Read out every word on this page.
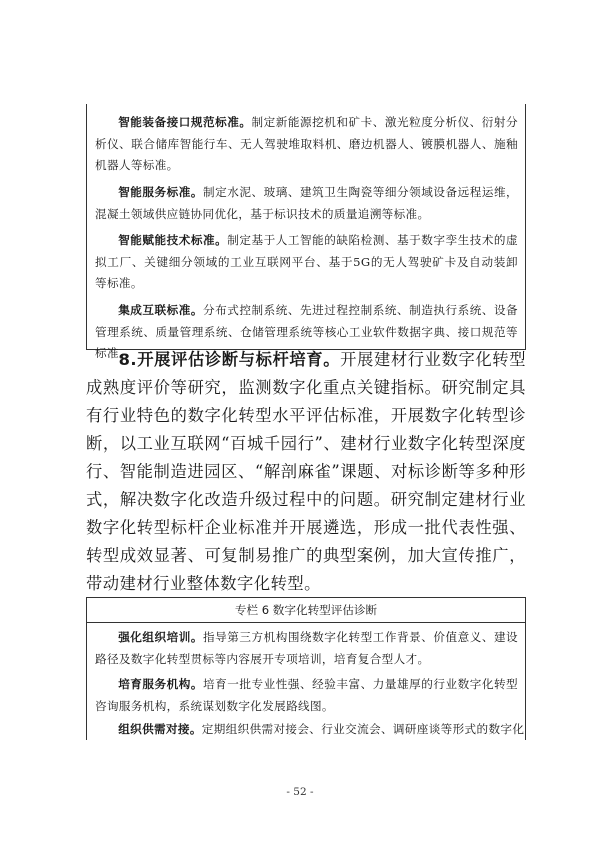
智能装备接口规范标准。制定新能源挖机和矿卡、激光粒度分析仪、衍射分析仪、联合储库智能行车、无人驾驶堆取料机、磨边机器人、镀膜机器人、施釉机器人等标准。

智能服务标准。制定水泥、玻璃、建筑卫生陶瓷等细分领域设备远程运维，混凝土领域供应链协同优化，基于标识技术的质量追溯等标准。

智能赋能技术标准。制定基于人工智能的缺陷检测、基于数字孪生技术的虚拟工厂、关键细分领域的工业互联网平台、基于5G的无人驾驶矿卡及自动装卸等标准。

集成互联标准。分布式控制系统、先进过程控制系统、制造执行系统、设备管理系统、质量管理系统、仓储管理系统等核心工业软件数据字典、接口规范等标准。

8.开展评估诊断与标杆培育。开展建材行业数字化转型成熟度评价等研究，监测数字化重点关键指标。研究制定具有行业特色的数字化转型水平评估标准，开展数字化转型诊断，以工业互联网“百城千园行”、建材行业数字化转型深度行、智能制造进园区、“解剖麻雀”课题、对标诊断等多种形式，解决数字化改造升级过程中的问题。研究制定建材行业数字化转型标杆企业标准并开展遴选，形成一批代表性强、转型成效显著、可复制易推广的典型案例，加大宣传推广，带动建材行业整体数字化转型。

专栏 6 数字化转型评估诊断

强化组织培训。指导第三方机构围绕数字化转型工作背景、价值意义、建设路径及数字化转型贯标等内容展开专项培训，培育复合型人才。

培育服务机构。培育一批专业性强、经验丰富、力量雄厚的行业数字化转型咨询服务机构，系统谋划数字化发展路线图。

组织供需对接。定期组织供需对接会、行业交流会、调研座谈等形式的数字化

- 52 -
